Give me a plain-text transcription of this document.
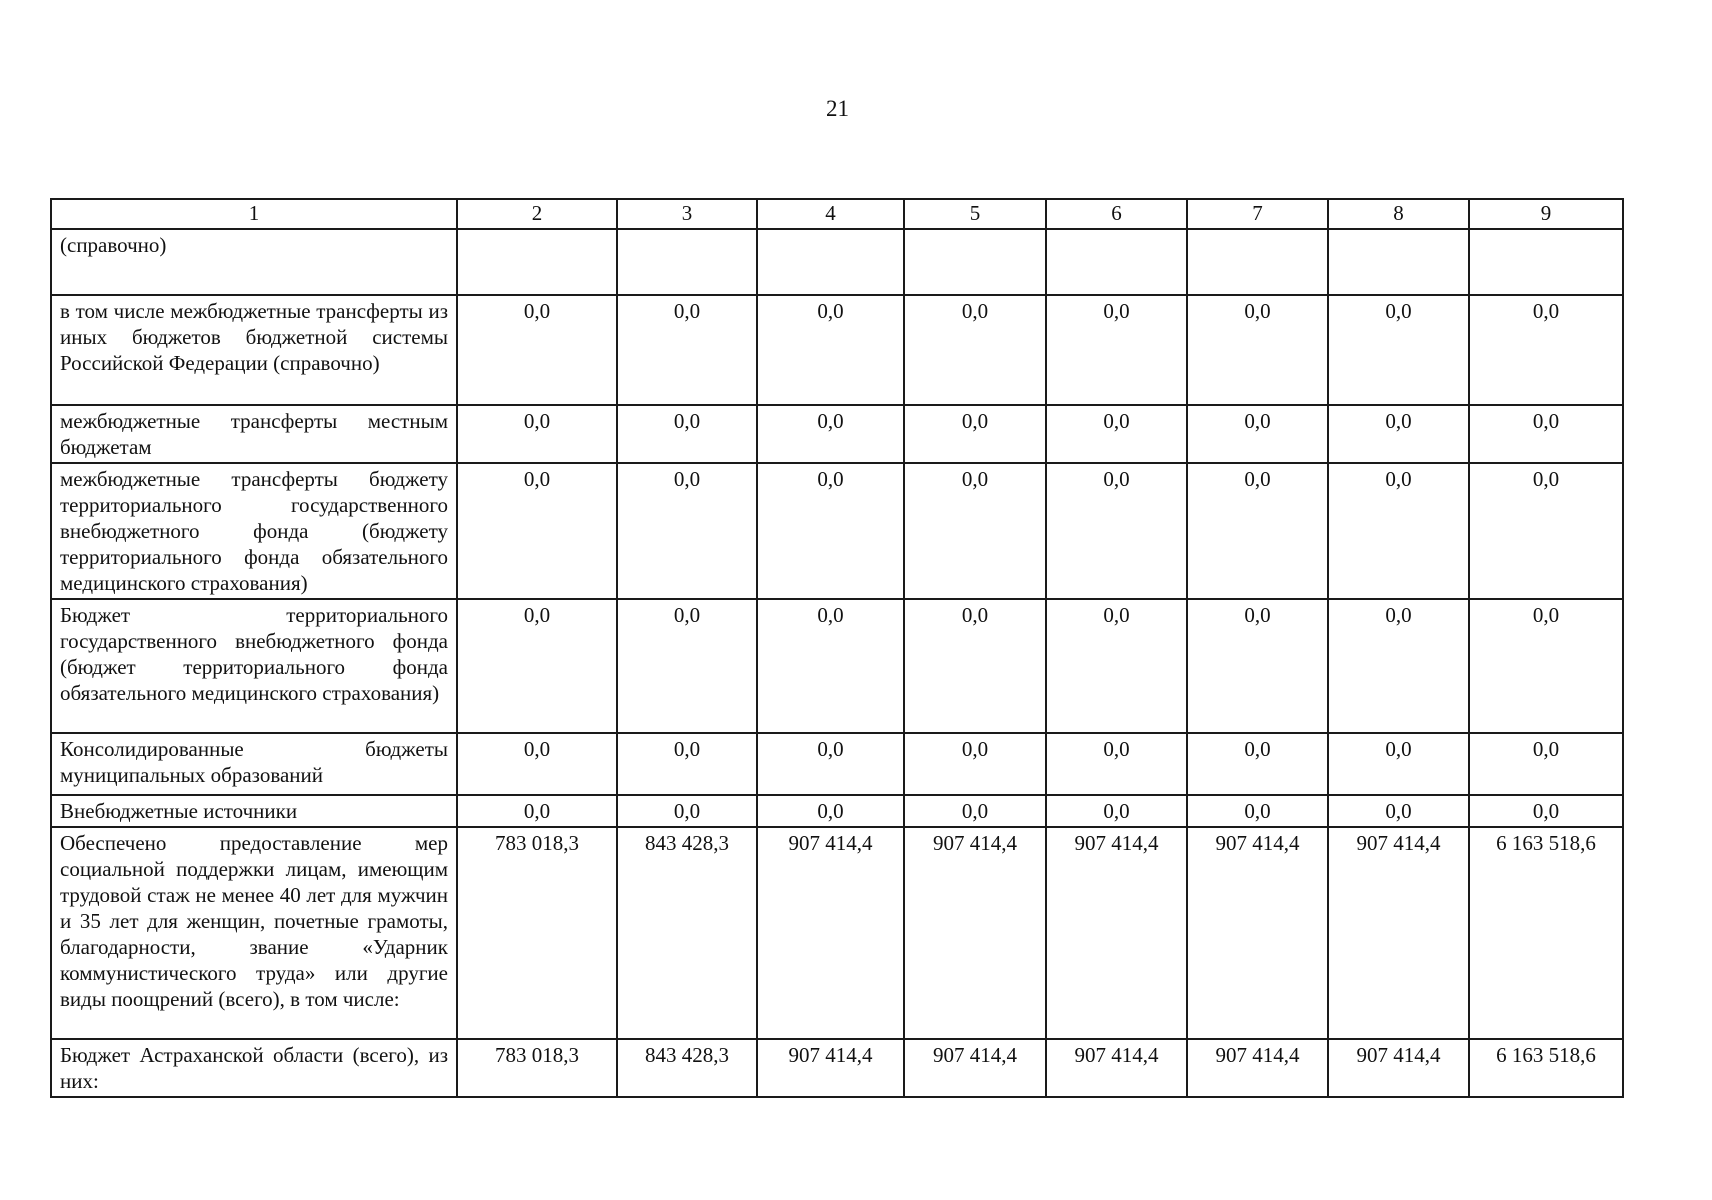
21
1	2	3	4	5	6	7	8	9
(справочно)								
в том числе межбюджетные трансферты из иных бюджетов бюджетной системы Российской Федерации (справочно)	0,0	0,0	0,0	0,0	0,0	0,0	0,0	0,0
межбюджетные трансферты местным бюджетам	0,0	0,0	0,0	0,0	0,0	0,0	0,0	0,0
межбюджетные трансферты бюджету территориального государственного внебюджетного фонда (бюджету территориального фонда обязательного медицинского страхования)	0,0	0,0	0,0	0,0	0,0	0,0	0,0	0,0
Бюджет территориального государственного внебюджетного фонда (бюджет территориального фонда обязательного медицинского страхования)	0,0	0,0	0,0	0,0	0,0	0,0	0,0	0,0
Консолидированные бюджеты муниципальных образований	0,0	0,0	0,0	0,0	0,0	0,0	0,0	0,0
Внебюджетные источники	0,0	0,0	0,0	0,0	0,0	0,0	0,0	0,0
Обеспечено предоставление мер социальной поддержки лицам, имеющим трудовой стаж не менее 40 лет для мужчин и 35 лет для женщин, почетные грамоты, благодарности, звание «Ударник коммунистического труда» или другие виды поощрений (всего), в том числе:	783 018,3	843 428,3	907 414,4	907 414,4	907 414,4	907 414,4	907 414,4	6 163 518,6
Бюджет Астраханской области (всего), из них:	783 018,3	843 428,3	907 414,4	907 414,4	907 414,4	907 414,4	907 414,4	6 163 518,6
